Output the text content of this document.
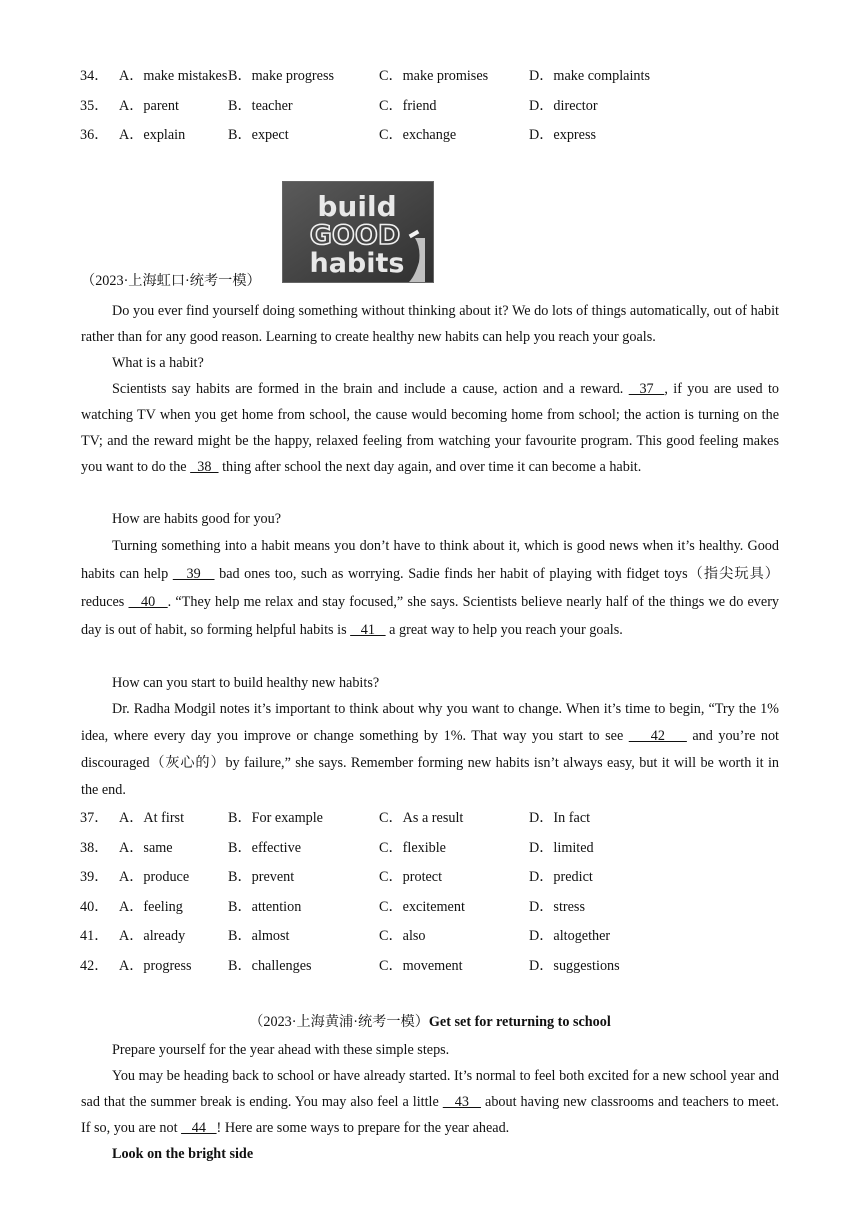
34． A．make mistakes B．make progress	C．make promises	D．make complaints
35． A．parent	B．teacher	C．friend	D．director
36． A．explain	B．expect	C．exchange	D．express
build
GOOD
habits
（2023·上海虹口·统考一模）

Do you ever find yourself doing something without thinking about it? We do lots of things automatically, out of habit rather than for any good reason. Learning to create healthy new habits can help you reach your goals.

What is a habit?

Scientists say habits are formed in the brain and include a cause, action and a reward.   37  , if you are used to watching TV when you get home from school, the cause would becoming home from school; the action is turning on the TV; and the reward might be the happy, relaxed feeling from watching your favourite program. This good feeling makes you want to do the   38   thing after school the next day again, and over time it can become a habit.

How are habits good for you?

Turning something into a habit means you don’t have to think about it, which is good news when it’s healthy. Good habits can help    39    bad ones too, such as worrying. Sadie finds her habit of playing with fidget toys（指尖玩具）reduces    40   . “They help me relax and stay focused,” she says. Scientists believe nearly half of the things we do every day is out of habit, so forming helpful habits is    41    a great way to help you reach your goals.

How can you start to build healthy new habits?

Dr. Radha Modgil notes it’s important to think about why you want to change. When it’s time to begin, “Try the 1% idea, where every day you improve or change something by 1%. That way you start to see     42     and you’re not discouraged（灰心的）by failure,” she says. Remember forming new habits isn’t always easy, but it will be worth it in the end.

37． A．At first	B．For example	C．As a result	D．In fact
38． A．same	B．effective	C．flexible	D．limited
39． A．produce	B．prevent	C．protect	D．predict
40． A．feeling	B．attention	C．excitement	D．stress
41． A．already	B．almost	C．also	D．altogether
42． A．progress	B．challenges	C．movement	D．suggestions
（2023·上海黄浦·统考一模）Get set for returning to school

Prepare yourself for the year ahead with these simple steps.

You may be heading back to school or have already started. It’s normal to feel both excited for a new school year and sad that the summer break is ending. You may also feel a little    43    about having new classrooms and teachers to meet. If so, you are not    44   ! Here are some ways to prepare for the year ahead.

Look on the bright side
